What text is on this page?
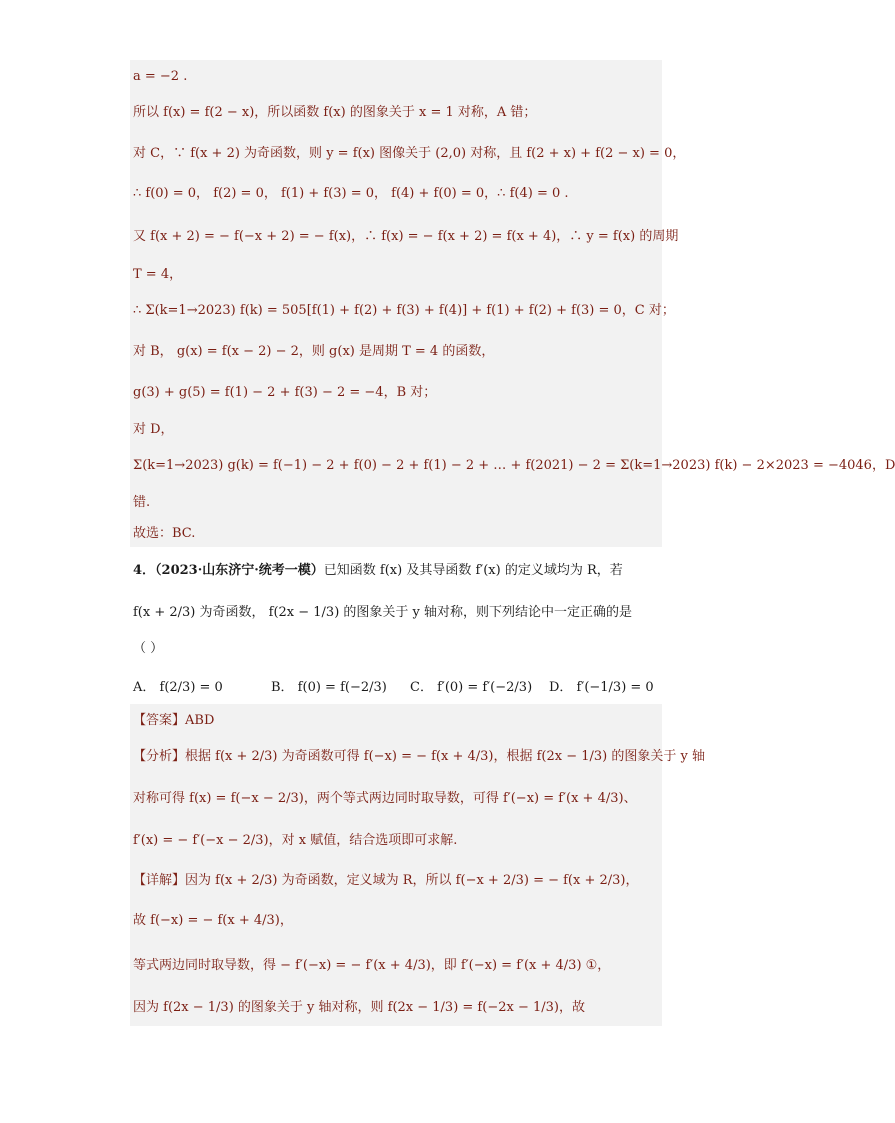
a = −2 .
所以 f(x) = f(2 − x)，所以函数 f(x) 的图象关于 x = 1 对称，A 错；
对 C，∵ f(x + 2) 为奇函数，则 y = f(x) 图像关于 (2,0) 对称，且 f(2 + x) + f(2 − x) = 0，
∴ f(0) = 0， f(2) = 0， f(1) + f(3) = 0， f(4) + f(0) = 0，∴ f(4) = 0 .
又 f(x + 2) = − f(−x + 2) = − f(x)，∴ f(x) = − f(x + 2) = f(x + 4)，∴ y = f(x) 的周期
T = 4，
∴ Σ(k=1→2023) f(k) = 505[f(1) + f(2) + f(3) + f(4)] + f(1) + f(2) + f(3) = 0，C 对；
对 B， g(x) = f(x − 2) − 2，则 g(x) 是周期 T = 4 的函数，
g(3) + g(5) = f(1) − 2 + f(3) − 2 = −4，B 对；
对 D，
Σ(k=1→2023) g(k) = f(−1) − 2 + f(0) − 2 + f(1) − 2 + … + f(2021) − 2 = Σ(k=1→2023) f(k) − 2×2023 = −4046，D
错.
故选：BC.
4．（2023·山东济宁·统考一模）已知函数 f(x) 及其导函数 f′(x) 的定义域均为 R，若
f(x + 2/3) 为奇函数， f(2x − 1/3) 的图象关于 y 轴对称，则下列结论中一定正确的是
（ ）
A． f(2/3) = 0	B． f(0) = f(−2/3) C． f′(0) = f′(−2/3) D． f′(−1/3) = 0
【答案】ABD
【分析】根据 f(x + 2/3) 为奇函数可得 f(−x) = − f(x + 4/3)，根据 f(2x − 1/3) 的图象关于 y 轴
对称可得 f(x) = f(−x − 2/3)，两个等式两边同时取导数，可得 f′(−x) = f′(x + 4/3)、
f′(x) = − f′(−x − 2/3)，对 x 赋值，结合选项即可求解.
【详解】因为 f(x + 2/3) 为奇函数，定义域为 R，所以 f(−x + 2/3) = − f(x + 2/3)，
故 f(−x) = − f(x + 4/3)，
等式两边同时取导数，得 − f′(−x) = − f′(x + 4/3)，即 f′(−x) = f′(x + 4/3) ①，
因为 f(2x − 1/3) 的图象关于 y 轴对称，则 f(2x − 1/3) = f(−2x − 1/3)，故
